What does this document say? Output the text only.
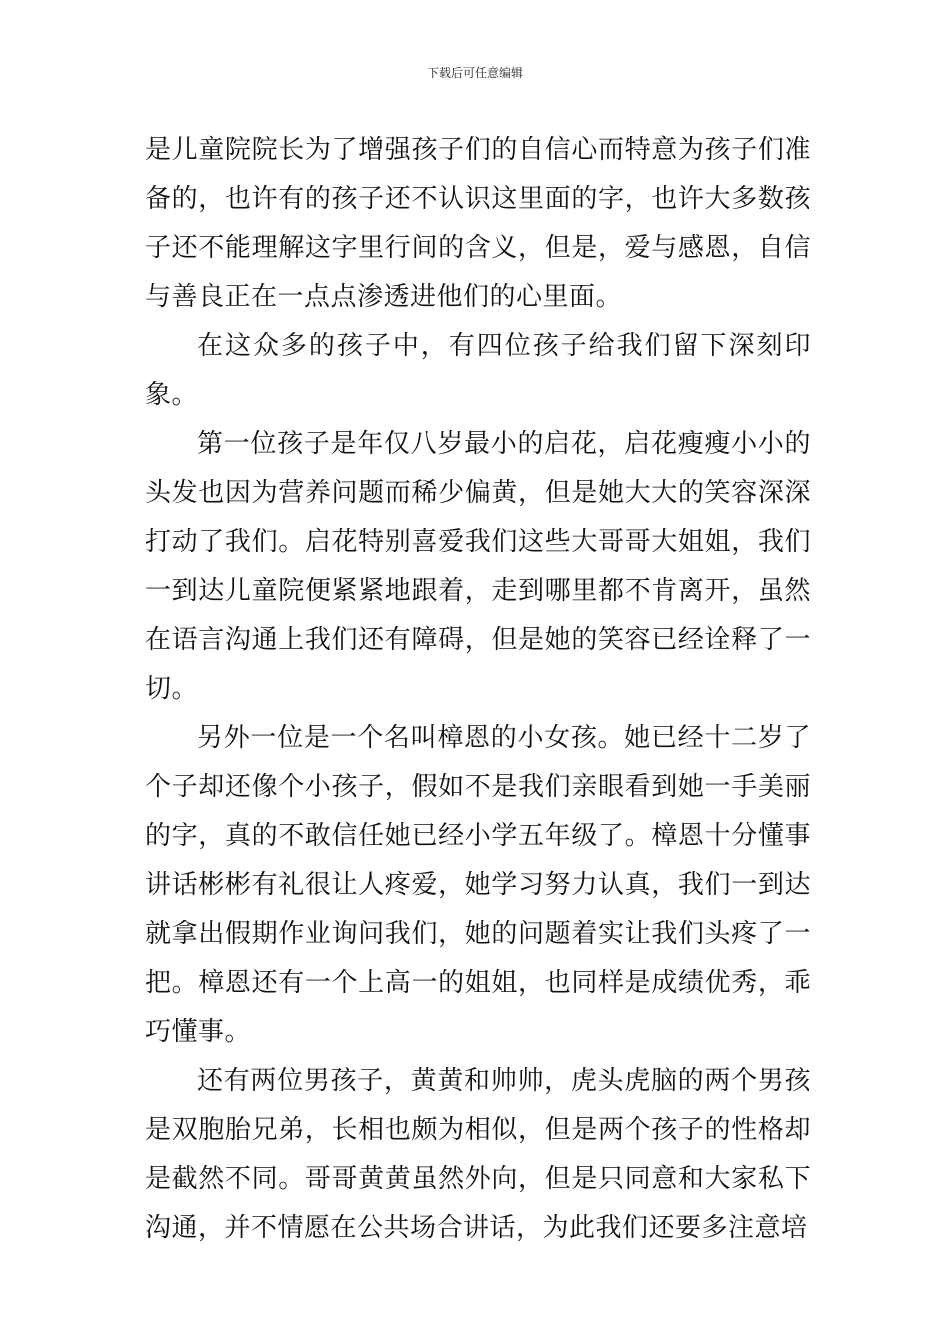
下载后可任意编辑

是儿童院院长为了增强孩子们的自信心而特意为孩子们准备的，也许有的孩子还不认识这里面的字，也许大多数孩子还不能理解这字里行间的含义，但是，爱与感恩，自信与善良正在一点点渗透进他们的心里面。

在这众多的孩子中，有四位孩子给我们留下深刻印象。

第一位孩子是年仅八岁最小的启花，启花瘦瘦小小的头发也因为营养问题而稀少偏黄，但是她大大的笑容深深打动了我们。启花特别喜爱我们这些大哥哥大姐姐，我们一到达儿童院便紧紧地跟着，走到哪里都不肯离开，虽然在语言沟通上我们还有障碍，但是她的笑容已经诠释了一切。

另外一位是一个名叫樟恩的小女孩。她已经十二岁了个子却还像个小孩子，假如不是我们亲眼看到她一手美丽的字，真的不敢信任她已经小学五年级了。樟恩十分懂事讲话彬彬有礼很让人疼爱，她学习努力认真，我们一到达就拿出假期作业询问我们，她的问题着实让我们头疼了一把。樟恩还有一个上高一的姐姐，也同样是成绩优秀，乖巧懂事。

还有两位男孩子，黄黄和帅帅，虎头虎脑的两个男孩是双胞胎兄弟，长相也颇为相似，但是两个孩子的性格却是截然不同。哥哥黄黄虽然外向，但是只同意和大家私下沟通，并不情愿在公共场合讲话，为此我们还要多注意培
